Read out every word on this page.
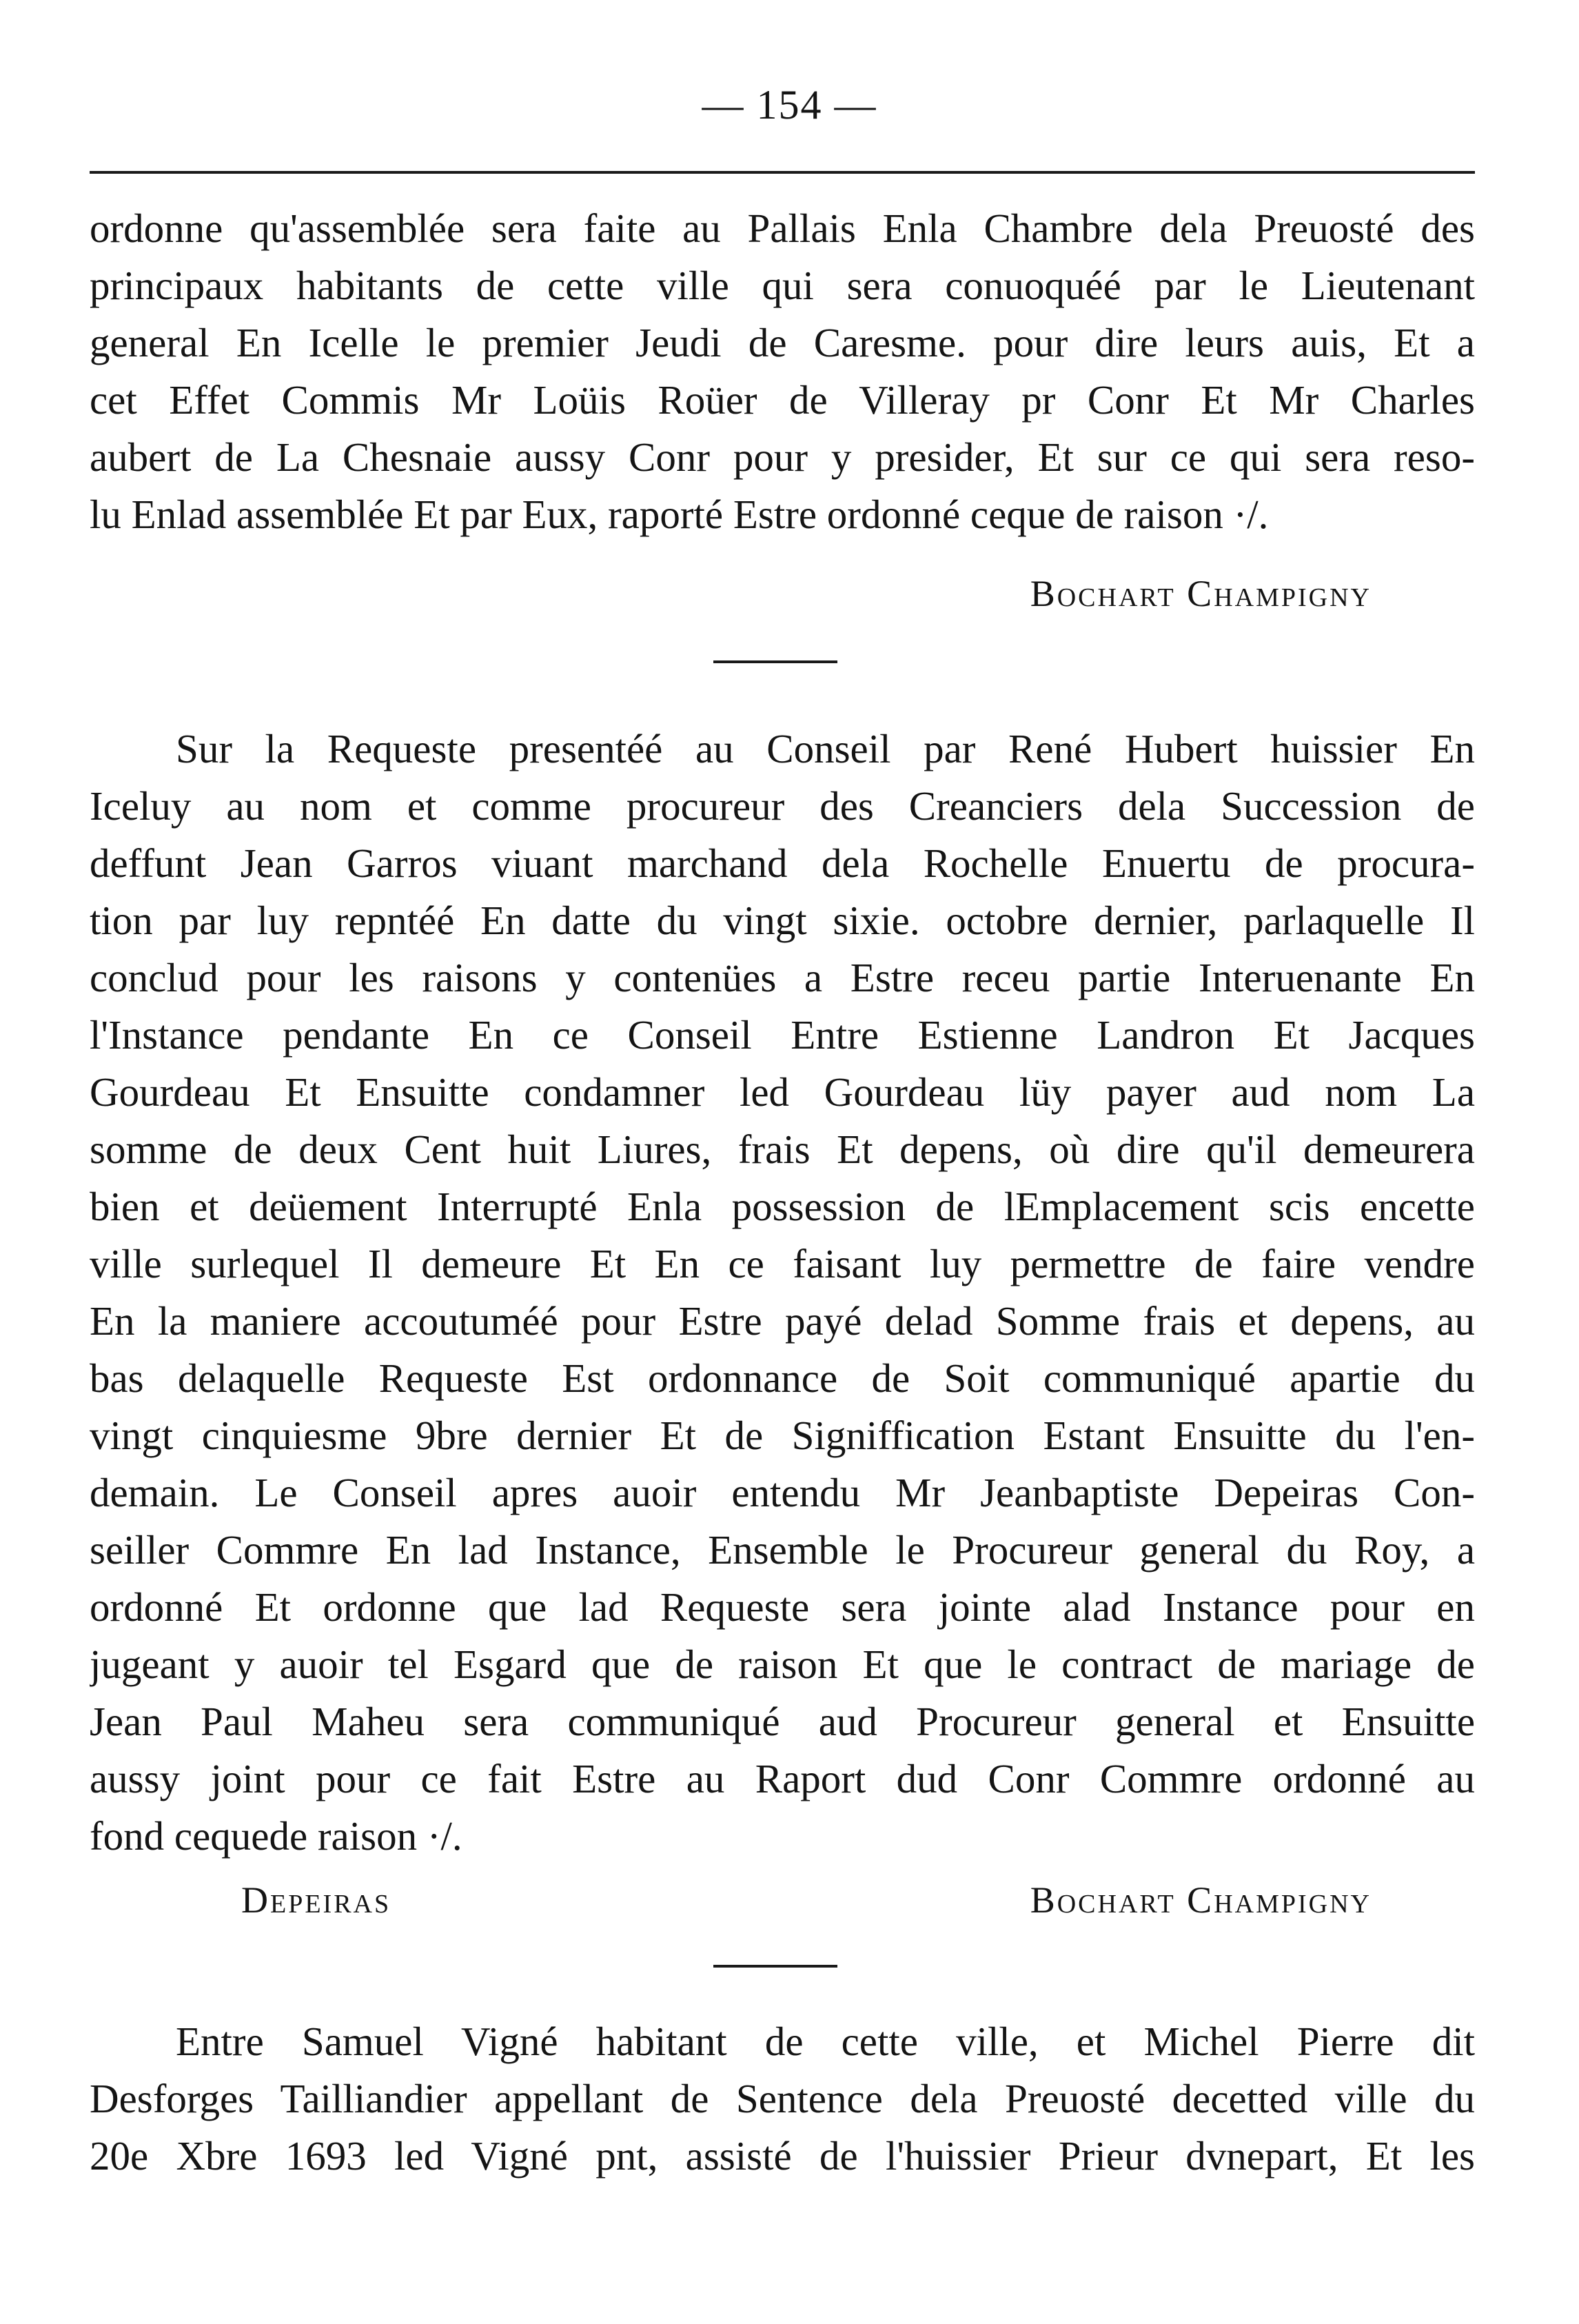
— 154 —
ordonne qu'assemblée sera faite au Pallais Enla Chambre dela Preuosté des
principaux habitants de cette ville qui sera conuoquéé par le Lieutenant
general En Icelle le premier Jeudi de Caresme. pour dire leurs auis, Et a
cet Effet Commis Mr Loüis Roüer de Villeray pr Conr Et Mr Charles
aubert de La Chesnaie aussy Conr pour y presider, Et sur ce qui sera reso-
lu Enlad assemblée Et par Eux, raporté Estre ordonné ceque de raison ·/.
Bochart Champigny
Sur la Requeste presentéé au Conseil par René Hubert huissier En
Iceluy au nom et comme procureur des Creanciers dela Succession de
deffunt Jean Garros viuant marchand dela Rochelle Enuertu de procura-
tion par luy repntéé En datte du vingt sixie. octobre dernier, parlaquelle Il
conclud pour les raisons y contenües a Estre receu partie Interuenante En
l'Instance pendante En ce Conseil Entre Estienne Landron Et Jacques
Gourdeau Et Ensuitte condamner led Gourdeau lüy payer aud nom La
somme de deux Cent huit Liures, frais Et depens, où dire qu'il demeurera
bien et deüement Interrupté Enla possession de lEmplacement scis encette
ville surlequel Il demeure Et En ce faisant luy permettre de faire vendre
En la maniere accoutuméé pour Estre payé delad Somme frais et depens, au
bas delaquelle Requeste Est ordonnance de Soit communiqué apartie du
vingt cinquiesme 9bre dernier Et de Signiffication Estant Ensuitte du l'en-
demain. Le Conseil apres auoir entendu Mr Jeanbaptiste Depeiras Con-
seiller Commre En lad Instance, Ensemble le Procureur general du Roy, a
ordonné Et ordonne que lad Requeste sera jointe alad Instance pour en
jugeant y auoir tel Esgard que de raison Et que le contract de mariage de
Jean Paul Maheu sera communiqué aud Procureur general et Ensuitte
aussy joint pour ce fait Estre au Raport dud Conr Commre ordonné au
fond cequede raison ·/.
Depeiras	Bochart Champigny
Entre Samuel Vigné habitant de cette ville, et Michel Pierre dit
Desforges Tailliandier appellant de Sentence dela Preuosté decetted ville du
20e Xbre 1693 led Vigné pnt, assisté de l'huissier Prieur dvnepart, Et les
